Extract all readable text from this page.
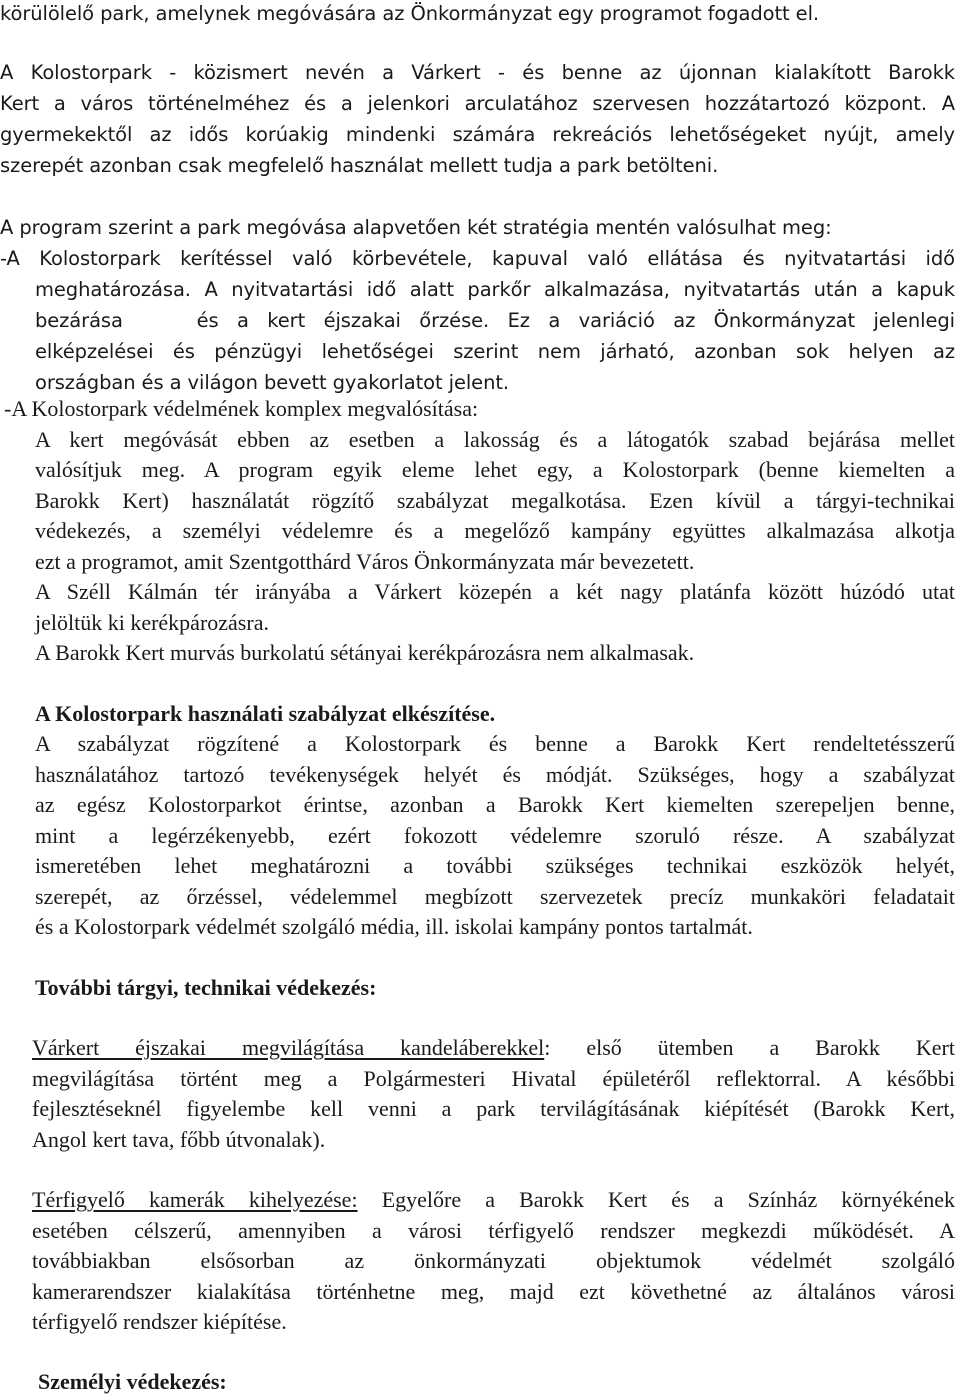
körülölelő park, amelynek megóvására az Önkormányzat egy programot fogadott el.
A Kolostorpark - közismert nevén a Várkert - és benne az újonnan kialakított Barokk
Kert a város történelméhez és a jelenkori arculatához szervesen hozzátartozó központ. A
gyermekektől az idős korúakig mindenki számára rekreációs lehetőségeket nyújt, amely
szerepét azonban csak megfelelő használat mellett tudja a park betölteni.
A program szerint a park megóvása alapvetően két stratégia mentén valósulhat meg:
-A Kolostorpark kerítéssel való körbevétele, kapuval való ellátása és nyitvatartási idő
meghatározása. A nyitvatartási idő alatt parkőr alkalmazása, nyitvatartás után a kapuk
bezárása    és a kert éjszakai őrzése. Ez a variáció az Önkormányzat jelenlegi
elképzelései és pénzügyi lehetőségei szerint nem járható, azonban sok helyen az
országban és a világon bevett gyakorlatot jelent.
-A Kolostorpark védelmének komplex megvalósítása:
A kert megóvását ebben az esetben a lakosság és a látogatók szabad bejárása mellet
valósítjuk meg. A program egyik eleme lehet egy, a Kolostorpark (benne kiemelten a
Barokk Kert) használatát rögzítő szabályzat megalkotása. Ezen kívül a tárgyi-technikai
védekezés, a személyi védelemre és a megelőző kampány együttes alkalmazása alkotja
ezt a programot, amit Szentgotthárd Város Önkormányzata már bevezetett.
A Széll Kálmán tér irányába a Várkert közepén a két nagy platánfa között húzódó utat
jelöltük ki kerékpározásra.
A Barokk Kert murvás burkolatú sétányai kerékpározásra nem alkalmasak.
A Kolostorpark használati szabályzat elkészítése.
A szabályzat rögzítené a Kolostorpark és benne a Barokk Kert rendeltetésszerű
használatához tartozó tevékenységek helyét és módját. Szükséges, hogy a szabályzat
az egész Kolostorparkot érintse, azonban a Barokk Kert kiemelten szerepeljen benne,
mint a legérzékenyebb, ezért fokozott védelemre szoruló része. A szabályzat
ismeretében lehet meghatározni a további szükséges technikai eszközök helyét,
szerepét, az őrzéssel, védelemmel megbízott szervezetek precíz munkaköri feladatait
és a Kolostorpark védelmét szolgáló média, ill. iskolai kampány pontos tartalmát.
További tárgyi, technikai védekezés:
Várkert éjszakai megvilágítása kandeláberekkel: első ütemben a Barokk Kert
megvilágítása történt meg a Polgármesteri Hivatal épületéről reflektorral. A későbbi
fejlesztéseknél figyelembe kell venni a park tervilágításának kiépítését (Barokk Kert,
Angol kert tava, főbb útvonalak).
Térfigyelő kamerák kihelyezése: Egyelőre a Barokk Kert és a Színház környékének
esetében célszerű, amennyiben a városi térfigyelő rendszer megkezdi működését. A
továbbiakban elsősorban az önkormányzati objektumok védelmét szolgáló
kamerarendszer kialakítása történhetne meg, majd ezt követhetné az általános városi
térfigyelő rendszer kiépítése.
Személyi védekezés:
